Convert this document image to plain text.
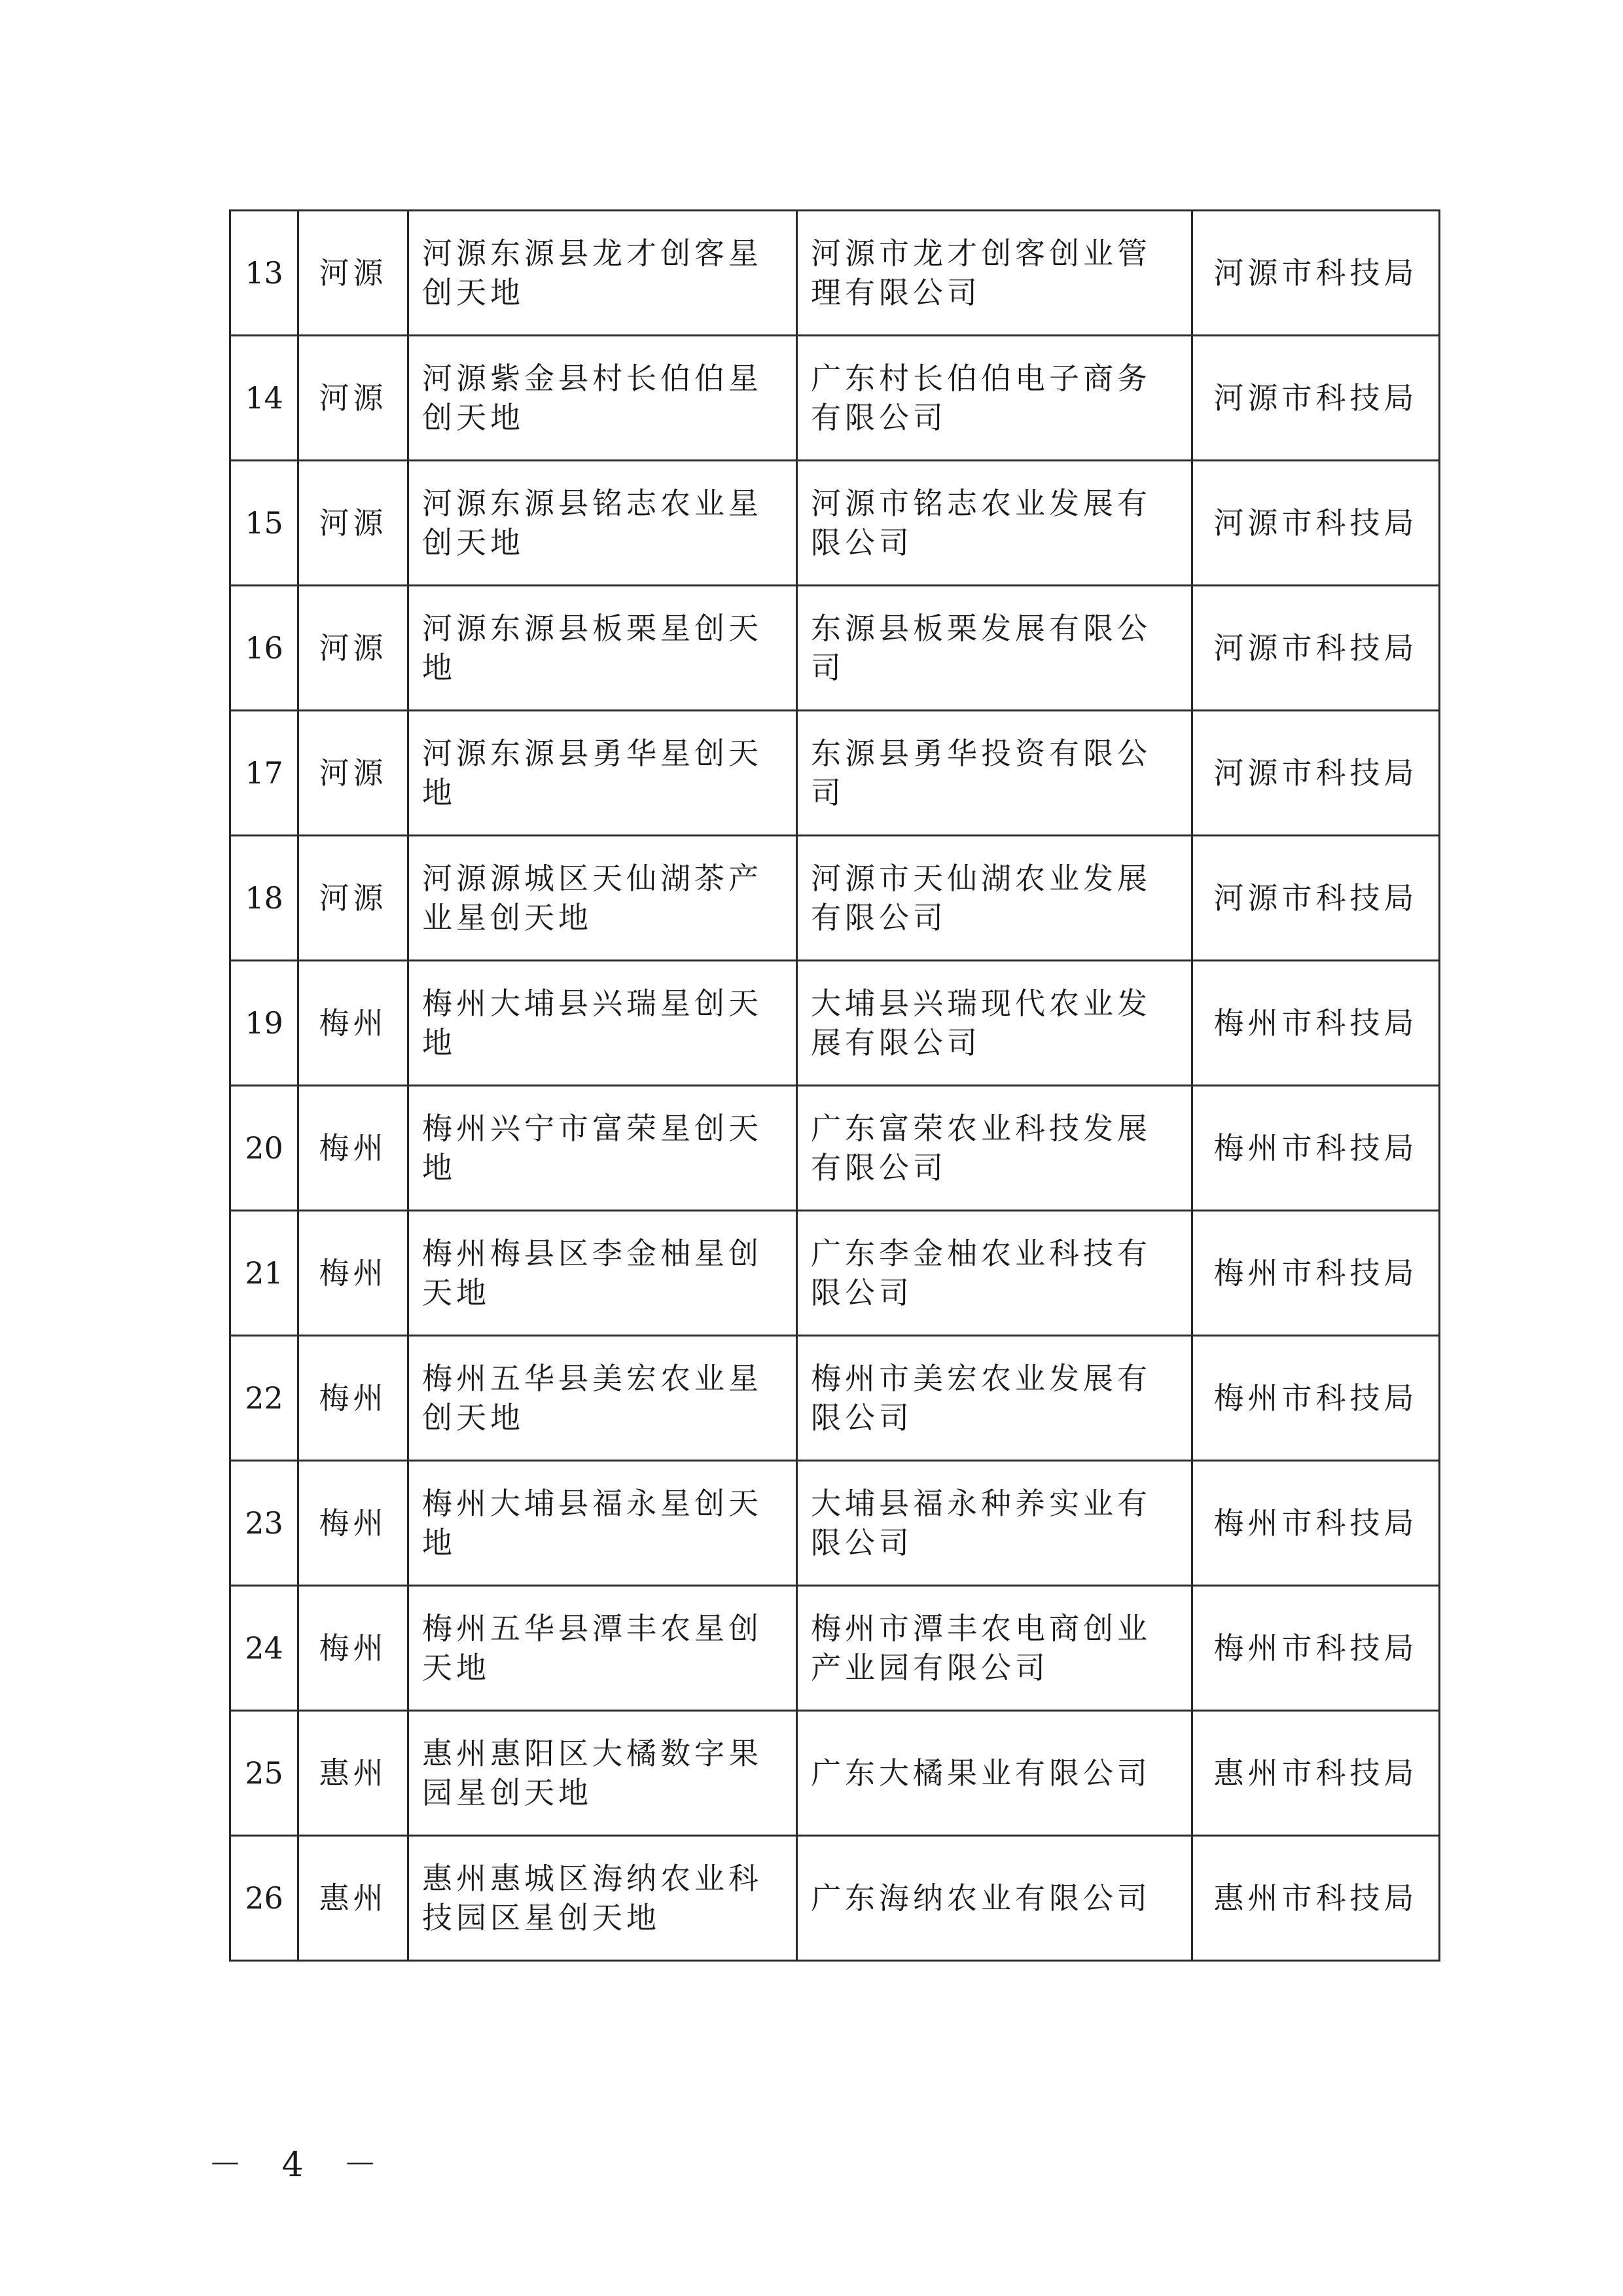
13	河源	河源东源县龙才创客星创天地	河源市龙才创客创业管理有限公司	河源市科技局
14	河源	河源紫金县村长伯伯星创天地	广东村长伯伯电子商务有限公司	河源市科技局
15	河源	河源东源县铭志农业星创天地	河源市铭志农业发展有限公司	河源市科技局
16	河源	河源东源县板栗星创天地	东源县板栗发展有限公司	河源市科技局
17	河源	河源东源县勇华星创天地	东源县勇华投资有限公司	河源市科技局
18	河源	河源源城区天仙湖茶产业星创天地	河源市天仙湖农业发展有限公司	河源市科技局
19	梅州	梅州大埔县兴瑞星创天地	大埔县兴瑞现代农业发展有限公司	梅州市科技局
20	梅州	梅州兴宁市富荣星创天地	广东富荣农业科技发展有限公司	梅州市科技局
21	梅州	梅州梅县区李金柚星创天地	广东李金柚农业科技有限公司	梅州市科技局
22	梅州	梅州五华县美宏农业星创天地	梅州市美宏农业发展有限公司	梅州市科技局
23	梅州	梅州大埔县福永星创天地	大埔县福永种养实业有限公司	梅州市科技局
24	梅州	梅州五华县潭丰农星创天地	梅州市潭丰农电商创业产业园有限公司	梅州市科技局
25	惠州	惠州惠阳区大橘数字果园星创天地	广东大橘果业有限公司	惠州市科技局
26	惠州	惠州惠城区海纳农业科技园区星创天地	广东海纳农业有限公司	惠州市科技局
－ 4 －
